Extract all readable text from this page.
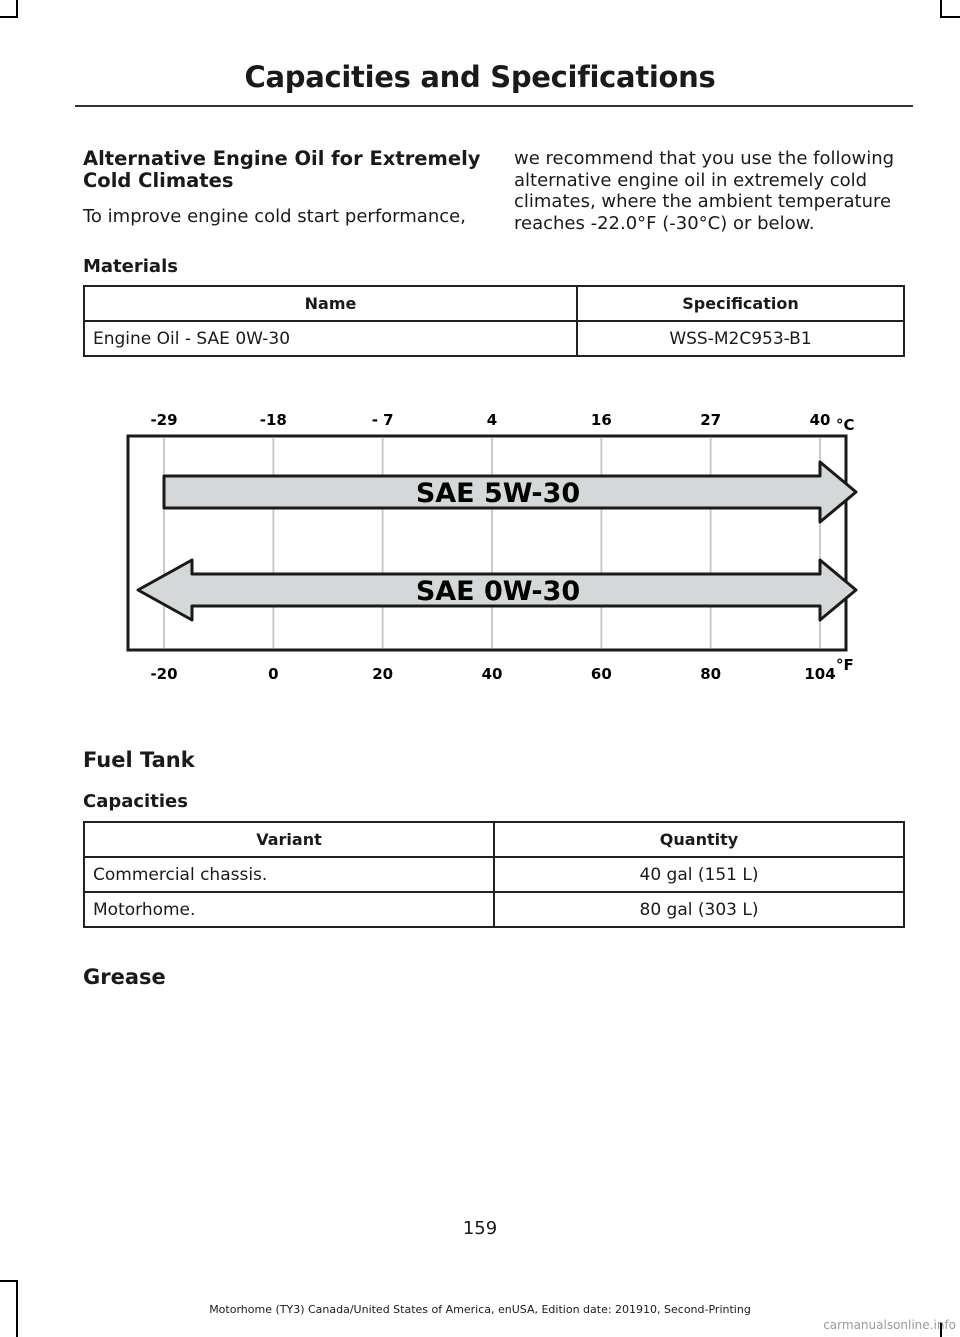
Capacities and Specifications
Alternative Engine Oil for Extremely Cold Climates
To improve engine cold start performance,
we recommend that you use the following alternative engine oil in extremely cold climates, where the ambient temperature reaches -22.0°F (-30°C) or below.
Materials
Name	Specification
Engine Oil - SAE 0W-30	WSS-M2C953-B1
SAE 5W-30
SAE 0W-30
-29	-18	- 7	4	16	27	40
-20	0	20	40	60	80	104
°C
°F
Fuel Tank
Capacities
Variant	Quantity
Commercial chassis.	40 gal (151 L)
Motorhome.	80 gal (303 L)
Grease
159
Motorhome (TY3) Canada/United States of America, enUSA, Edition date: 201910, Second-Printing
carmanualsonline.info
